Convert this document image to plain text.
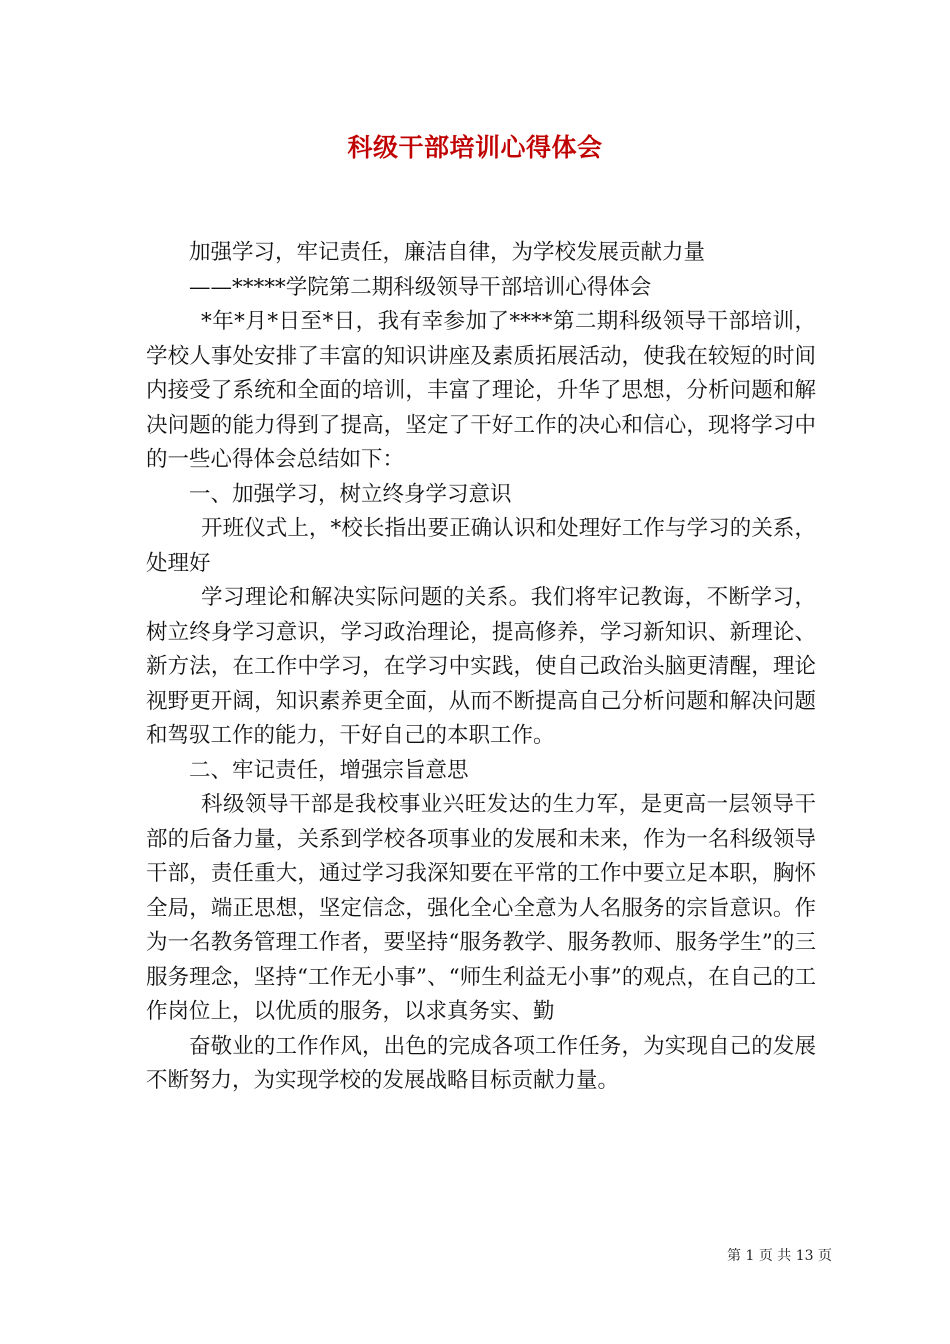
科级干部培训心得体会

加强学习，牢记责任，廉洁自律，为学校发展贡献力量

——*****学院第二期科级领导干部培训心得体会

*年*月*日至*日，我有幸参加了****第二期科级领导干部培训，学校人事处安排了丰富的知识讲座及素质拓展活动，使我在较短的时间内接受了系统和全面的培训，丰富了理论，升华了思想，分析问题和解决问题的能力得到了提高，坚定了干好工作的决心和信心，现将学习中的一些心得体会总结如下：

一、加强学习，树立终身学习意识

开班仪式上，*校长指出要正确认识和处理好工作与学习的关系，处理好

学习理论和解决实际问题的关系。我们将牢记教诲，不断学习，树立终身学习意识，学习政治理论，提高修养，学习新知识、新理论、新方法，在工作中学习，在学习中实践，使自己政治头脑更清醒，理论视野更开阔，知识素养更全面，从而不断提高自己分析问题和解决问题和驾驭工作的能力，干好自己的本职工作。

二、牢记责任，增强宗旨意思

科级领导干部是我校事业兴旺发达的生力军，是更高一层领导干部的后备力量，关系到学校各项事业的发展和未来，作为一名科级领导干部，责任重大，通过学习我深知要在平常的工作中要立足本职，胸怀全局，端正思想，坚定信念，强化全心全意为人名服务的宗旨意识。作为一名教务管理工作者，要坚持“服务教学、服务教师、服务学生”的三服务理念，坚持“工作无小事”、“师生利益无小事”的观点，在自己的工作岗位上，以优质的服务，以求真务实、勤

奋敬业的工作作风，出色的完成各项工作任务，为实现自己的发展不断努力，为实现学校的发展战略目标贡献力量。

第 1 页 共 13 页
